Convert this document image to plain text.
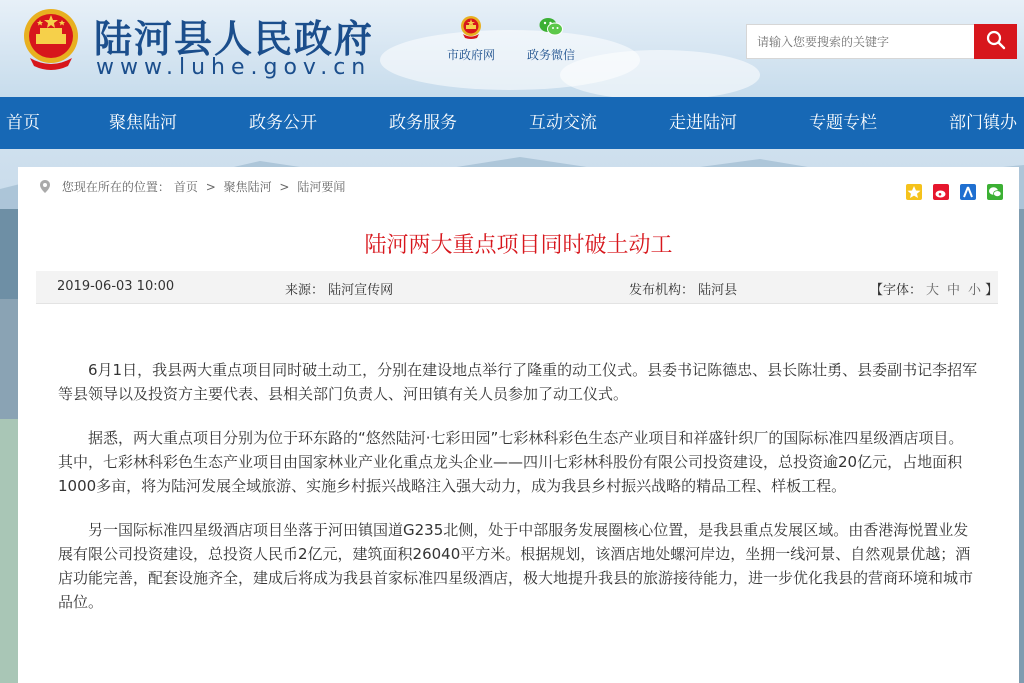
陆河县人民政府
www.luhe.gov.cn	市政府网	政务微信
请输入您要搜索的关键字
首页	聚焦陆河	政务公开	政务服务	互动交流	走进陆河	专题专栏	部门镇办
您现在所在的位置： 首页 > 聚焦陆河 > 陆河要闻

陆河两大重点项目同时破土动工
2019-06-03 10:00	来源： 陆河宣传网	发布机构： 陆河县	【字体： 大 中 小 】

6月1日，我县两大重点项目同时破土动工，分别在建设地点举行了隆重的动工仪式。县委书记陈德忠、县长陈壮勇、县委副书记李招军等县领导以及投资方主要代表、县相关部门负责人、河田镇有关人员参加了动工仪式。

据悉，两大重点项目分别为位于环东路的“悠然陆河·七彩田园”七彩林科彩色生态产业项目和祥盛针织厂的国际标准四星级酒店项目。其中，七彩林科彩色生态产业项目由国家林业产业化重点龙头企业——四川七彩林科股份有限公司投资建设，总投资逾20亿元，占地面积1000多亩，将为陆河发展全域旅游、实施乡村振兴战略注入强大动力，成为我县乡村振兴战略的精品工程、样板工程。

另一国际标准四星级酒店项目坐落于河田镇国道G235北侧，处于中部服务发展圈核心位置，是我县重点发展区域。由香港海悦置业发展有限公司投资建设，总投资人民币2亿元，建筑面积26040平方米。根据规划，该酒店地处螺河岸边，坐拥一线河景、自然观景优越；酒店功能完善，配套设施齐全，建成后将成为我县首家标准四星级酒店，极大地提升我县的旅游接待能力，进一步优化我县的营商环境和城市品位。
